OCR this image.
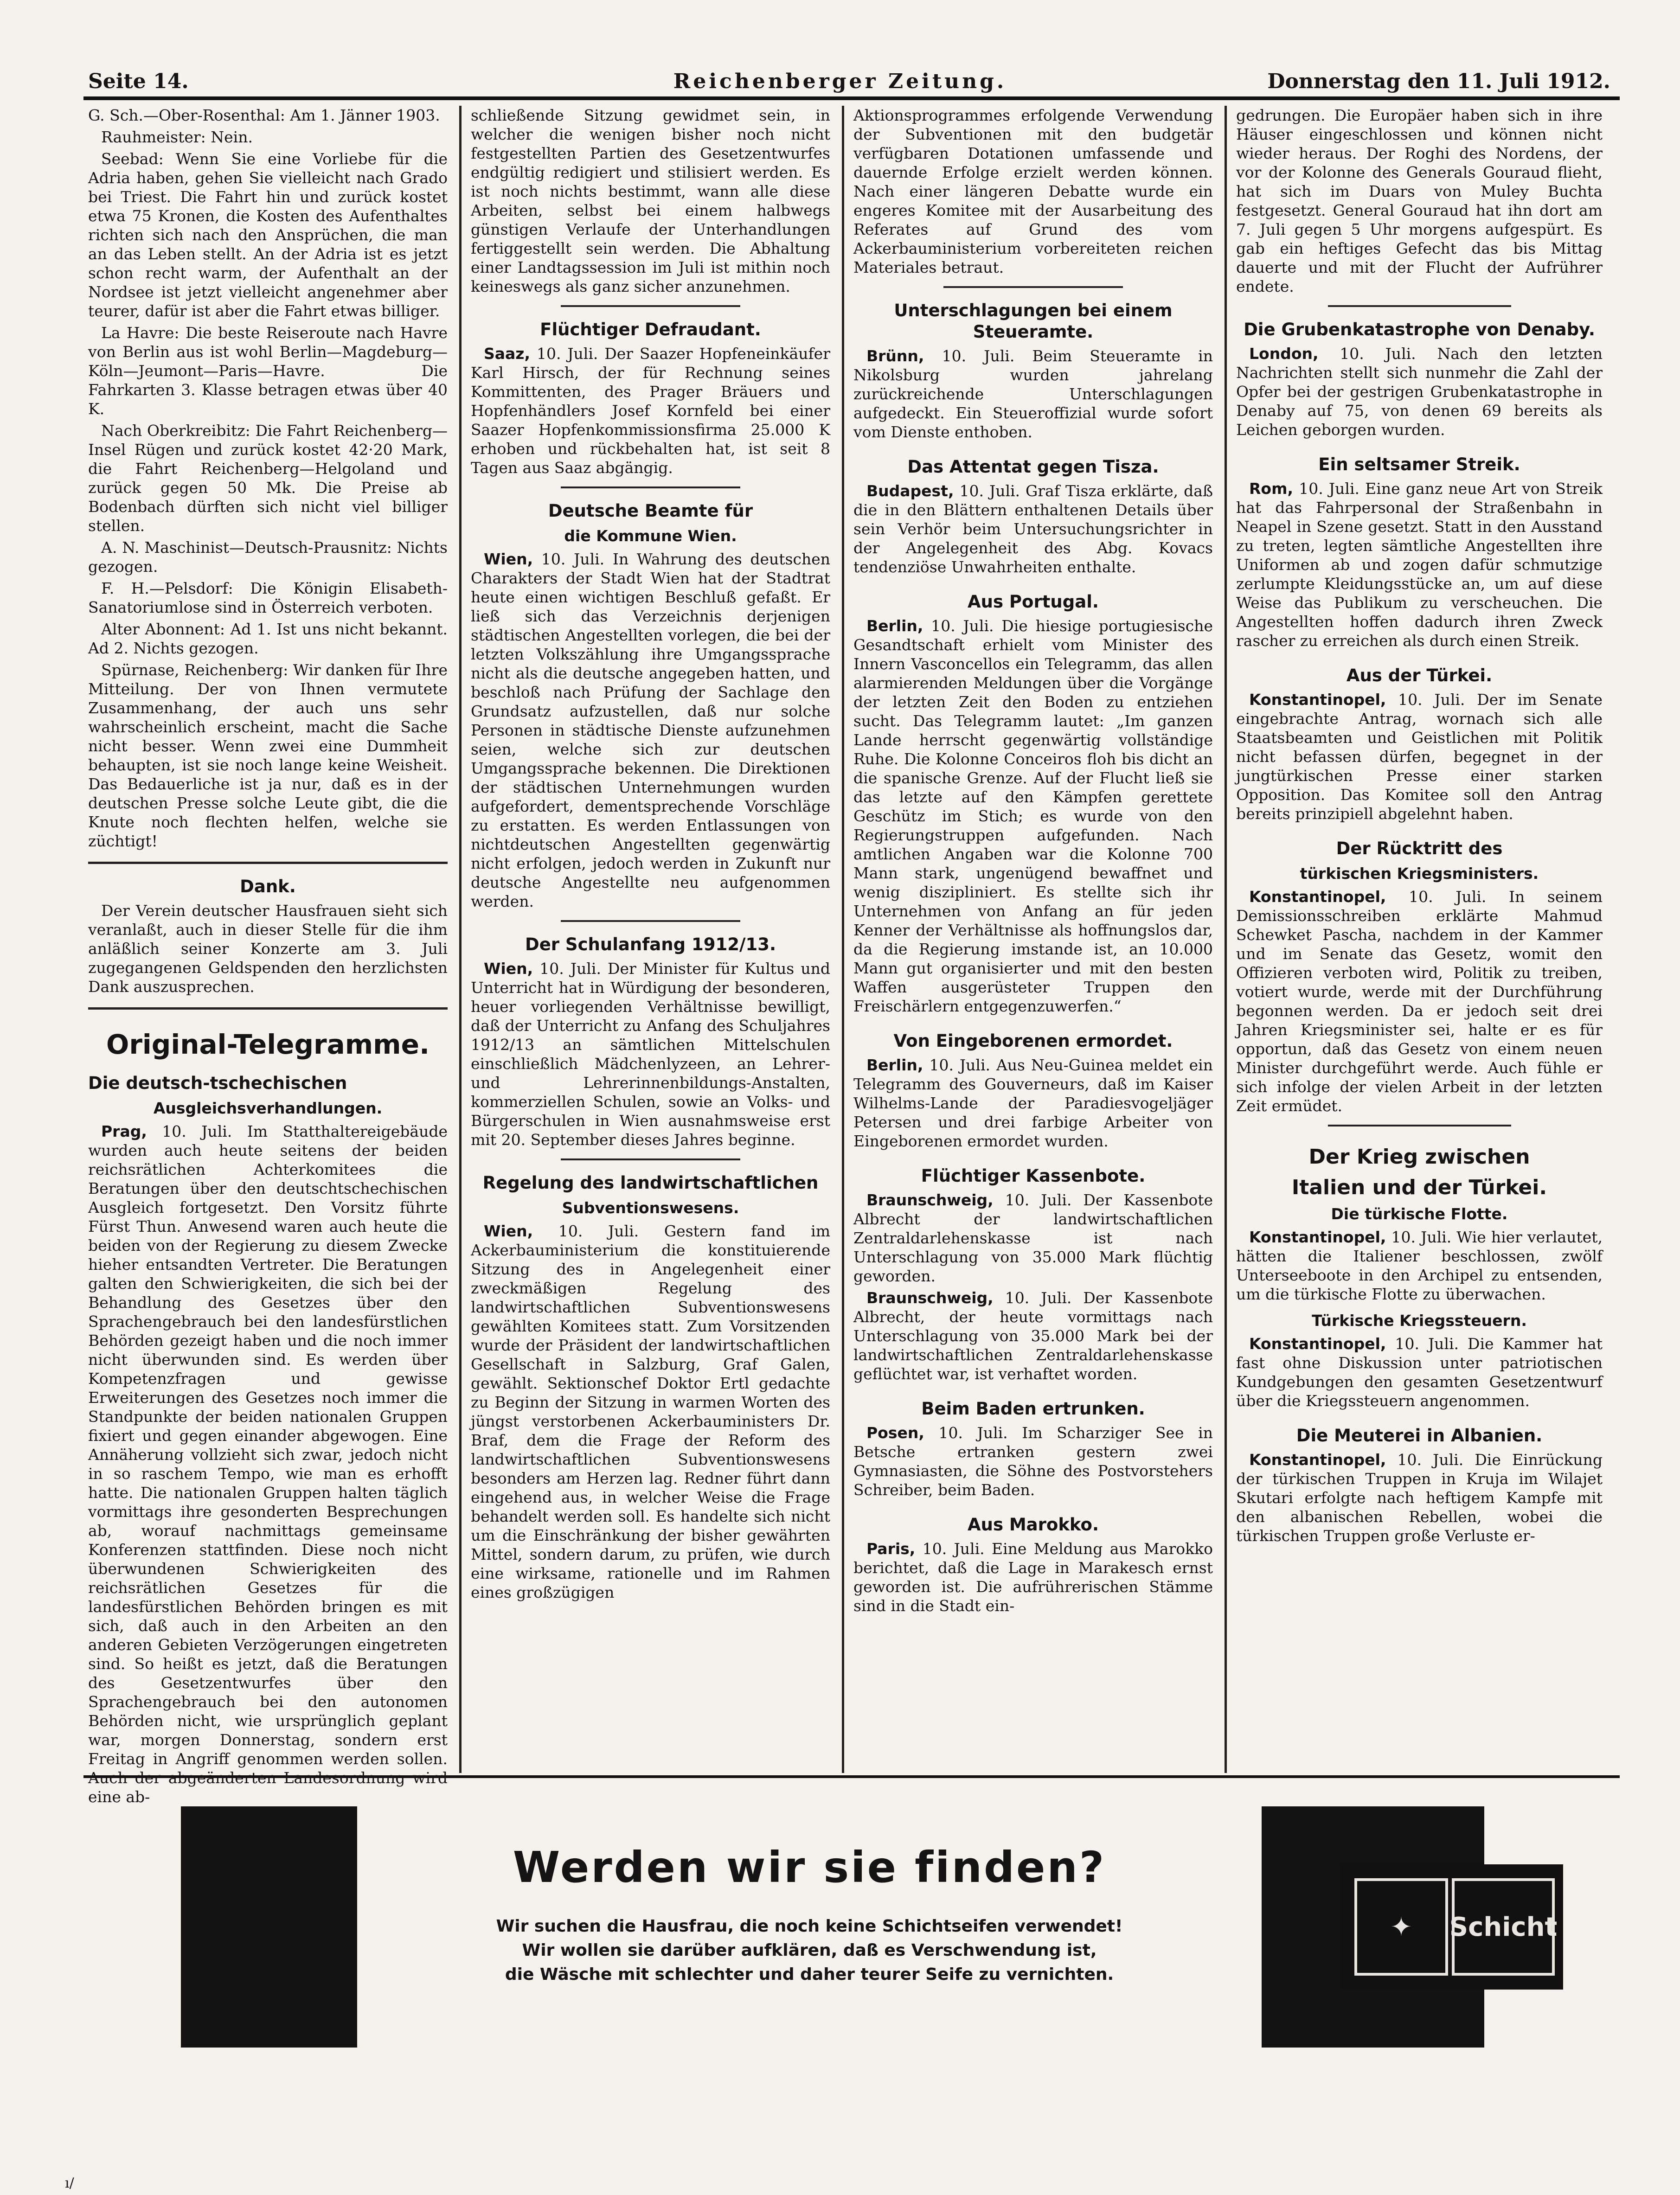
Seite 14.	Reichenberger Zeitung.	Donnerstag den 11. Juli 1912.

G. Sch.—Ober-Rosenthal: Am 1. Jänner 1903.

Rauhmeister: Nein.

Seebad: Wenn Sie eine Vorliebe für die Adria haben, gehen Sie vielleicht nach Grado bei Triest. Die Fahrt hin und zurück kostet etwa 75 Kronen, die Kosten des Aufenthaltes richten sich nach den Ansprüchen, die man an das Leben stellt. An der Adria ist es jetzt schon recht warm, der Aufenthalt an der Nordsee ist jetzt vielleicht angenehmer aber teurer, dafür ist aber die Fahrt etwas billiger.

La Havre: Die beste Reiseroute nach Havre von Berlin aus ist wohl Berlin—Magdeburg—Köln—Jeumont—Paris—Havre. Die Fahrkarten 3. Klasse betragen etwas über 40 K.

Nach Oberkreibitz: Die Fahrt Reichenberg—Insel Rügen und zurück kostet 42·20 Mark, die Fahrt Reichenberg—Helgoland und zurück gegen 50 Mk. Die Preise ab Bodenbach dürften sich nicht viel billiger stellen.

A. N. Maschinist—Deutsch-Prausnitz: Nichts gezogen.

F. H.—Pelsdorf: Die Königin Elisabeth-Sanatoriumlose sind in Österreich verboten.

Alter Abonnent: Ad 1. Ist uns nicht bekannt. Ad 2. Nichts gezogen.

Spürnase, Reichenberg: Wir danken für Ihre Mitteilung. Der von Ihnen vermutete Zusammenhang, der auch uns sehr wahrscheinlich erscheint, macht die Sache nicht besser. Wenn zwei eine Dummheit behaupten, ist sie noch lange keine Weisheit. Das Bedauerliche ist ja nur, daß es in der deutschen Presse solche Leute gibt, die die Knute noch flechten helfen, welche sie züchtigt!

Dank.

Der Verein deutscher Hausfrauen sieht sich veranlaßt, auch in dieser Stelle für die ihm anläßlich seiner Konzerte am 3. Juli zugegangenen Geldspenden den herzlichsten Dank auszusprechen.

Original-Telegramme.
Die deutsch-tschechischen
Ausgleichsverhandlungen.

Prag, 10. Juli. Im Statthaltereigebäude wurden auch heute seitens der beiden reichsrätlichen Achterkomitees die Beratungen über den deutschtschechischen Ausgleich fortgesetzt. Den Vorsitz führte Fürst Thun. Anwesend waren auch heute die beiden von der Regierung zu diesem Zwecke hieher entsandten Vertreter. Die Beratungen galten den Schwierigkeiten, die sich bei der Behandlung des Gesetzes über den Sprachengebrauch bei den landesfürstlichen Behörden gezeigt haben und die noch immer nicht überwunden sind. Es werden über Kompetenzfragen und gewisse Erweiterungen des Gesetzes noch immer die Standpunkte der beiden nationalen Gruppen fixiert und gegen einander abgewogen. Eine Annäherung vollzieht sich zwar, jedoch nicht in so raschem Tempo, wie man es erhofft hatte. Die nationalen Gruppen halten täglich vormittags ihre gesonderten Besprechungen ab, worauf nachmittags gemeinsame Konferenzen stattfinden. Diese noch nicht überwundenen Schwierigkeiten des reichsrätlichen Gesetzes für die landesfürstlichen Behörden bringen es mit sich, daß auch in den Arbeiten an den anderen Gebieten Verzögerungen eingetreten sind. So heißt es jetzt, daß die Beratungen des Gesetzentwurfes über den Sprachengebrauch bei den autonomen Behörden nicht, wie ursprünglich geplant war, morgen Donnerstag, sondern erst Freitag in Angriff genommen werden sollen. Auch der abgeänderten Landesordnung wird eine ab-

schließende Sitzung gewidmet sein, in welcher die wenigen bisher noch nicht festgestellten Partien des Gesetzentwurfes endgültig redigiert und stilisiert werden. Es ist noch nichts bestimmt, wann alle diese Arbeiten, selbst bei einem halbwegs günstigen Verlaufe der Unterhandlungen fertiggestellt sein werden. Die Abhaltung einer Landtagssession im Juli ist mithin noch keineswegs als ganz sicher anzunehmen.

Flüchtiger Defraudant.

Saaz, 10. Juli. Der Saazer Hopfeneinkäufer Karl Hirsch, der für Rechnung seines Kommittenten, des Prager Bräuers und Hopfenhändlers Josef Kornfeld bei einer Saazer Hopfenkommissionsfirma 25.000 K erhoben und rückbehalten hat, ist seit 8 Tagen aus Saaz abgängig.

Deutsche Beamte für
die Kommune Wien.

Wien, 10. Juli. In Wahrung des deutschen Charakters der Stadt Wien hat der Stadtrat heute einen wichtigen Beschluß gefaßt. Er ließ sich das Verzeichnis derjenigen städtischen Angestellten vorlegen, die bei der letzten Volkszählung ihre Umgangssprache nicht als die deutsche angegeben hatten, und beschloß nach Prüfung der Sachlage den Grundsatz aufzustellen, daß nur solche Personen in städtische Dienste aufzunehmen seien, welche sich zur deutschen Umgangssprache bekennen. Die Direktionen der städtischen Unternehmungen wurden aufgefordert, dementsprechende Vorschläge zu erstatten. Es werden Entlassungen von nichtdeutschen Angestellten gegenwärtig nicht erfolgen, jedoch werden in Zukunft nur deutsche Angestellte neu aufgenommen werden.

Der Schulanfang 1912/13.

Wien, 10. Juli. Der Minister für Kultus und Unterricht hat in Würdigung der besonderen, heuer vorliegenden Verhältnisse bewilligt, daß der Unterricht zu Anfang des Schuljahres 1912/13 an sämtlichen Mittelschulen einschließlich Mädchenlyzeen, an Lehrer- und Lehrerinnenbildungs-Anstalten, kommerziellen Schulen, sowie an Volks- und Bürgerschulen in Wien ausnahmsweise erst mit 20. September dieses Jahres beginne.

Regelung des landwirtschaftlichen
Subventionswesens.

Wien, 10. Juli. Gestern fand im Ackerbauministerium die konstituierende Sitzung des in Angelegenheit einer zweckmäßigen Regelung des landwirtschaftlichen Subventionswesens gewählten Komitees statt. Zum Vorsitzenden wurde der Präsident der landwirtschaftlichen Gesellschaft in Salzburg, Graf Galen, gewählt. Sektionschef Doktor Ertl gedachte zu Beginn der Sitzung in warmen Worten des jüngst verstorbenen Ackerbauministers Dr. Braf, dem die Frage der Reform des landwirtschaftlichen Subventionswesens besonders am Herzen lag. Redner führt dann eingehend aus, in welcher Weise die Frage behandelt werden soll. Es handelte sich nicht um die Einschränkung der bisher gewährten Mittel, sondern darum, zu prüfen, wie durch eine wirksame, rationelle und im Rahmen eines großzügigen

Aktionsprogrammes erfolgende Verwendung der Subventionen mit den budgetär verfügbaren Dotationen umfassende und dauernde Erfolge erzielt werden können. Nach einer längeren Debatte wurde ein engeres Komitee mit der Ausarbeitung des Referates auf Grund des vom Ackerbauministerium vorbereiteten reichen Materiales betraut.

Unterschlagungen bei einem Steueramte.

Brünn, 10. Juli. Beim Steueramte in Nikolsburg wurden jahrelang zurückreichende Unterschlagungen aufgedeckt. Ein Steueroffizial wurde sofort vom Dienste enthoben.

Das Attentat gegen Tisza.

Budapest, 10. Juli. Graf Tisza erklärte, daß die in den Blättern enthaltenen Details über sein Verhör beim Untersuchungsrichter in der Angelegenheit des Abg. Kovacs tendenziöse Unwahrheiten enthalte.

Aus Portugal.

Berlin, 10. Juli. Die hiesige portugiesische Gesandtschaft erhielt vom Minister des Innern Vasconcellos ein Telegramm, das allen alarmierenden Meldungen über die Vorgänge der letzten Zeit den Boden zu entziehen sucht. Das Telegramm lautet: „Im ganzen Lande herrscht gegenwärtig vollständige Ruhe. Die Kolonne Conceiros floh bis dicht an die spanische Grenze. Auf der Flucht ließ sie das letzte auf den Kämpfen gerettete Geschütz im Stich; es wurde von den Regierungstruppen aufgefunden. Nach amtlichen Angaben war die Kolonne 700 Mann stark, ungenügend bewaffnet und wenig diszipliniert. Es stellte sich ihr Unternehmen von Anfang an für jeden Kenner der Verhältnisse als hoffnungslos dar, da die Regierung imstande ist, an 10.000 Mann gut organisierter und mit den besten Waffen ausgerüsteter Truppen den Freischärlern entgegenzuwerfen.“

Von Eingeborenen ermordet.

Berlin, 10. Juli. Aus Neu-Guinea meldet ein Telegramm des Gouverneurs, daß im Kaiser Wilhelms-Lande der Paradiesvogeljäger Petersen und drei farbige Arbeiter von Eingeborenen ermordet wurden.

Flüchtiger Kassenbote.

Braunschweig, 10. Juli. Der Kassenbote Albrecht der landwirtschaftlichen Zentraldarlehenskasse ist nach Unterschlagung von 35.000 Mark flüchtig geworden.

Braunschweig, 10. Juli. Der Kassenbote Albrecht, der heute vormittags nach Unterschlagung von 35.000 Mark bei der landwirtschaftlichen Zentraldarlehenskasse geflüchtet war, ist verhaftet worden.

Beim Baden ertrunken.

Posen, 10. Juli. Im Scharziger See in Betsche ertranken gestern zwei Gymnasiasten, die Söhne des Postvorstehers Schreiber, beim Baden.

Aus Marokko.

Paris, 10. Juli. Eine Meldung aus Marokko berichtet, daß die Lage in Marakesch ernst geworden ist. Die aufrührerischen Stämme sind in die Stadt ein-

gedrungen. Die Europäer haben sich in ihre Häuser eingeschlossen und können nicht wieder heraus. Der Roghi des Nordens, der vor der Kolonne des Generals Gouraud flieht, hat sich im Duars von Muley Buchta festgesetzt. General Gouraud hat ihn dort am 7. Juli gegen 5 Uhr morgens aufgespürt. Es gab ein heftiges Gefecht das bis Mittag dauerte und mit der Flucht der Aufrührer endete.

Die Grubenkatastrophe von Denaby.

London, 10. Juli. Nach den letzten Nachrichten stellt sich nunmehr die Zahl der Opfer bei der gestrigen Grubenkatastrophe in Denaby auf 75, von denen 69 bereits als Leichen geborgen wurden.

Ein seltsamer Streik.

Rom, 10. Juli. Eine ganz neue Art von Streik hat das Fahrpersonal der Straßenbahn in Neapel in Szene gesetzt. Statt in den Ausstand zu treten, legten sämtliche Angestellten ihre Uniformen ab und zogen dafür schmutzige zerlumpte Kleidungsstücke an, um auf diese Weise das Publikum zu verscheuchen. Die Angestellten hoffen dadurch ihren Zweck rascher zu erreichen als durch einen Streik.

Aus der Türkei.

Konstantinopel, 10. Juli. Der im Senate eingebrachte Antrag, wornach sich alle Staatsbeamten und Geistlichen mit Politik nicht befassen dürfen, begegnet in der jungtürkischen Presse einer starken Opposition. Das Komitee soll den Antrag bereits prinzipiell abgelehnt haben.

Der Rücktritt des
türkischen Kriegsministers.

Konstantinopel, 10. Juli. In seinem Demissionsschreiben erklärte Mahmud Schewket Pascha, nachdem in der Kammer und im Senate das Gesetz, womit den Offizieren verboten wird, Politik zu treiben, votiert wurde, werde mit der Durchführung begonnen werden. Da er jedoch seit drei Jahren Kriegsminister sei, halte er es für opportun, daß das Gesetz von einem neuen Minister durchgeführt werde. Auch fühle er sich infolge der vielen Arbeit in der letzten Zeit ermüdet.

Der Krieg zwischen
Italien und der Türkei.
Die türkische Flotte.

Konstantinopel, 10. Juli. Wie hier verlautet, hätten die Italiener beschlossen, zwölf Unterseeboote in den Archipel zu entsenden, um die türkische Flotte zu überwachen.

Türkische Kriegssteuern.

Konstantinopel, 10. Juli. Die Kammer hat fast ohne Diskussion unter patriotischen Kundgebungen den gesamten Gesetzentwurf über die Kriegssteuern angenommen.

Die Meuterei in Albanien.

Konstantinopel, 10. Juli. Die Einrückung der türkischen Truppen in Kruja im Wilajet Skutari erfolgte nach heftigem Kampfe mit den albanischen Rebellen, wobei die türkischen Truppen große Verluste er-

Werden wir sie finden?
Wir suchen die Hausfrau, die noch keine Schichtseifen verwendet!
Wir wollen sie darüber aufklären, daß es Verschwendung ist,
die Wäsche mit schlechter und daher teurer Seife zu vernichten.
✦	Schicht
ı/
